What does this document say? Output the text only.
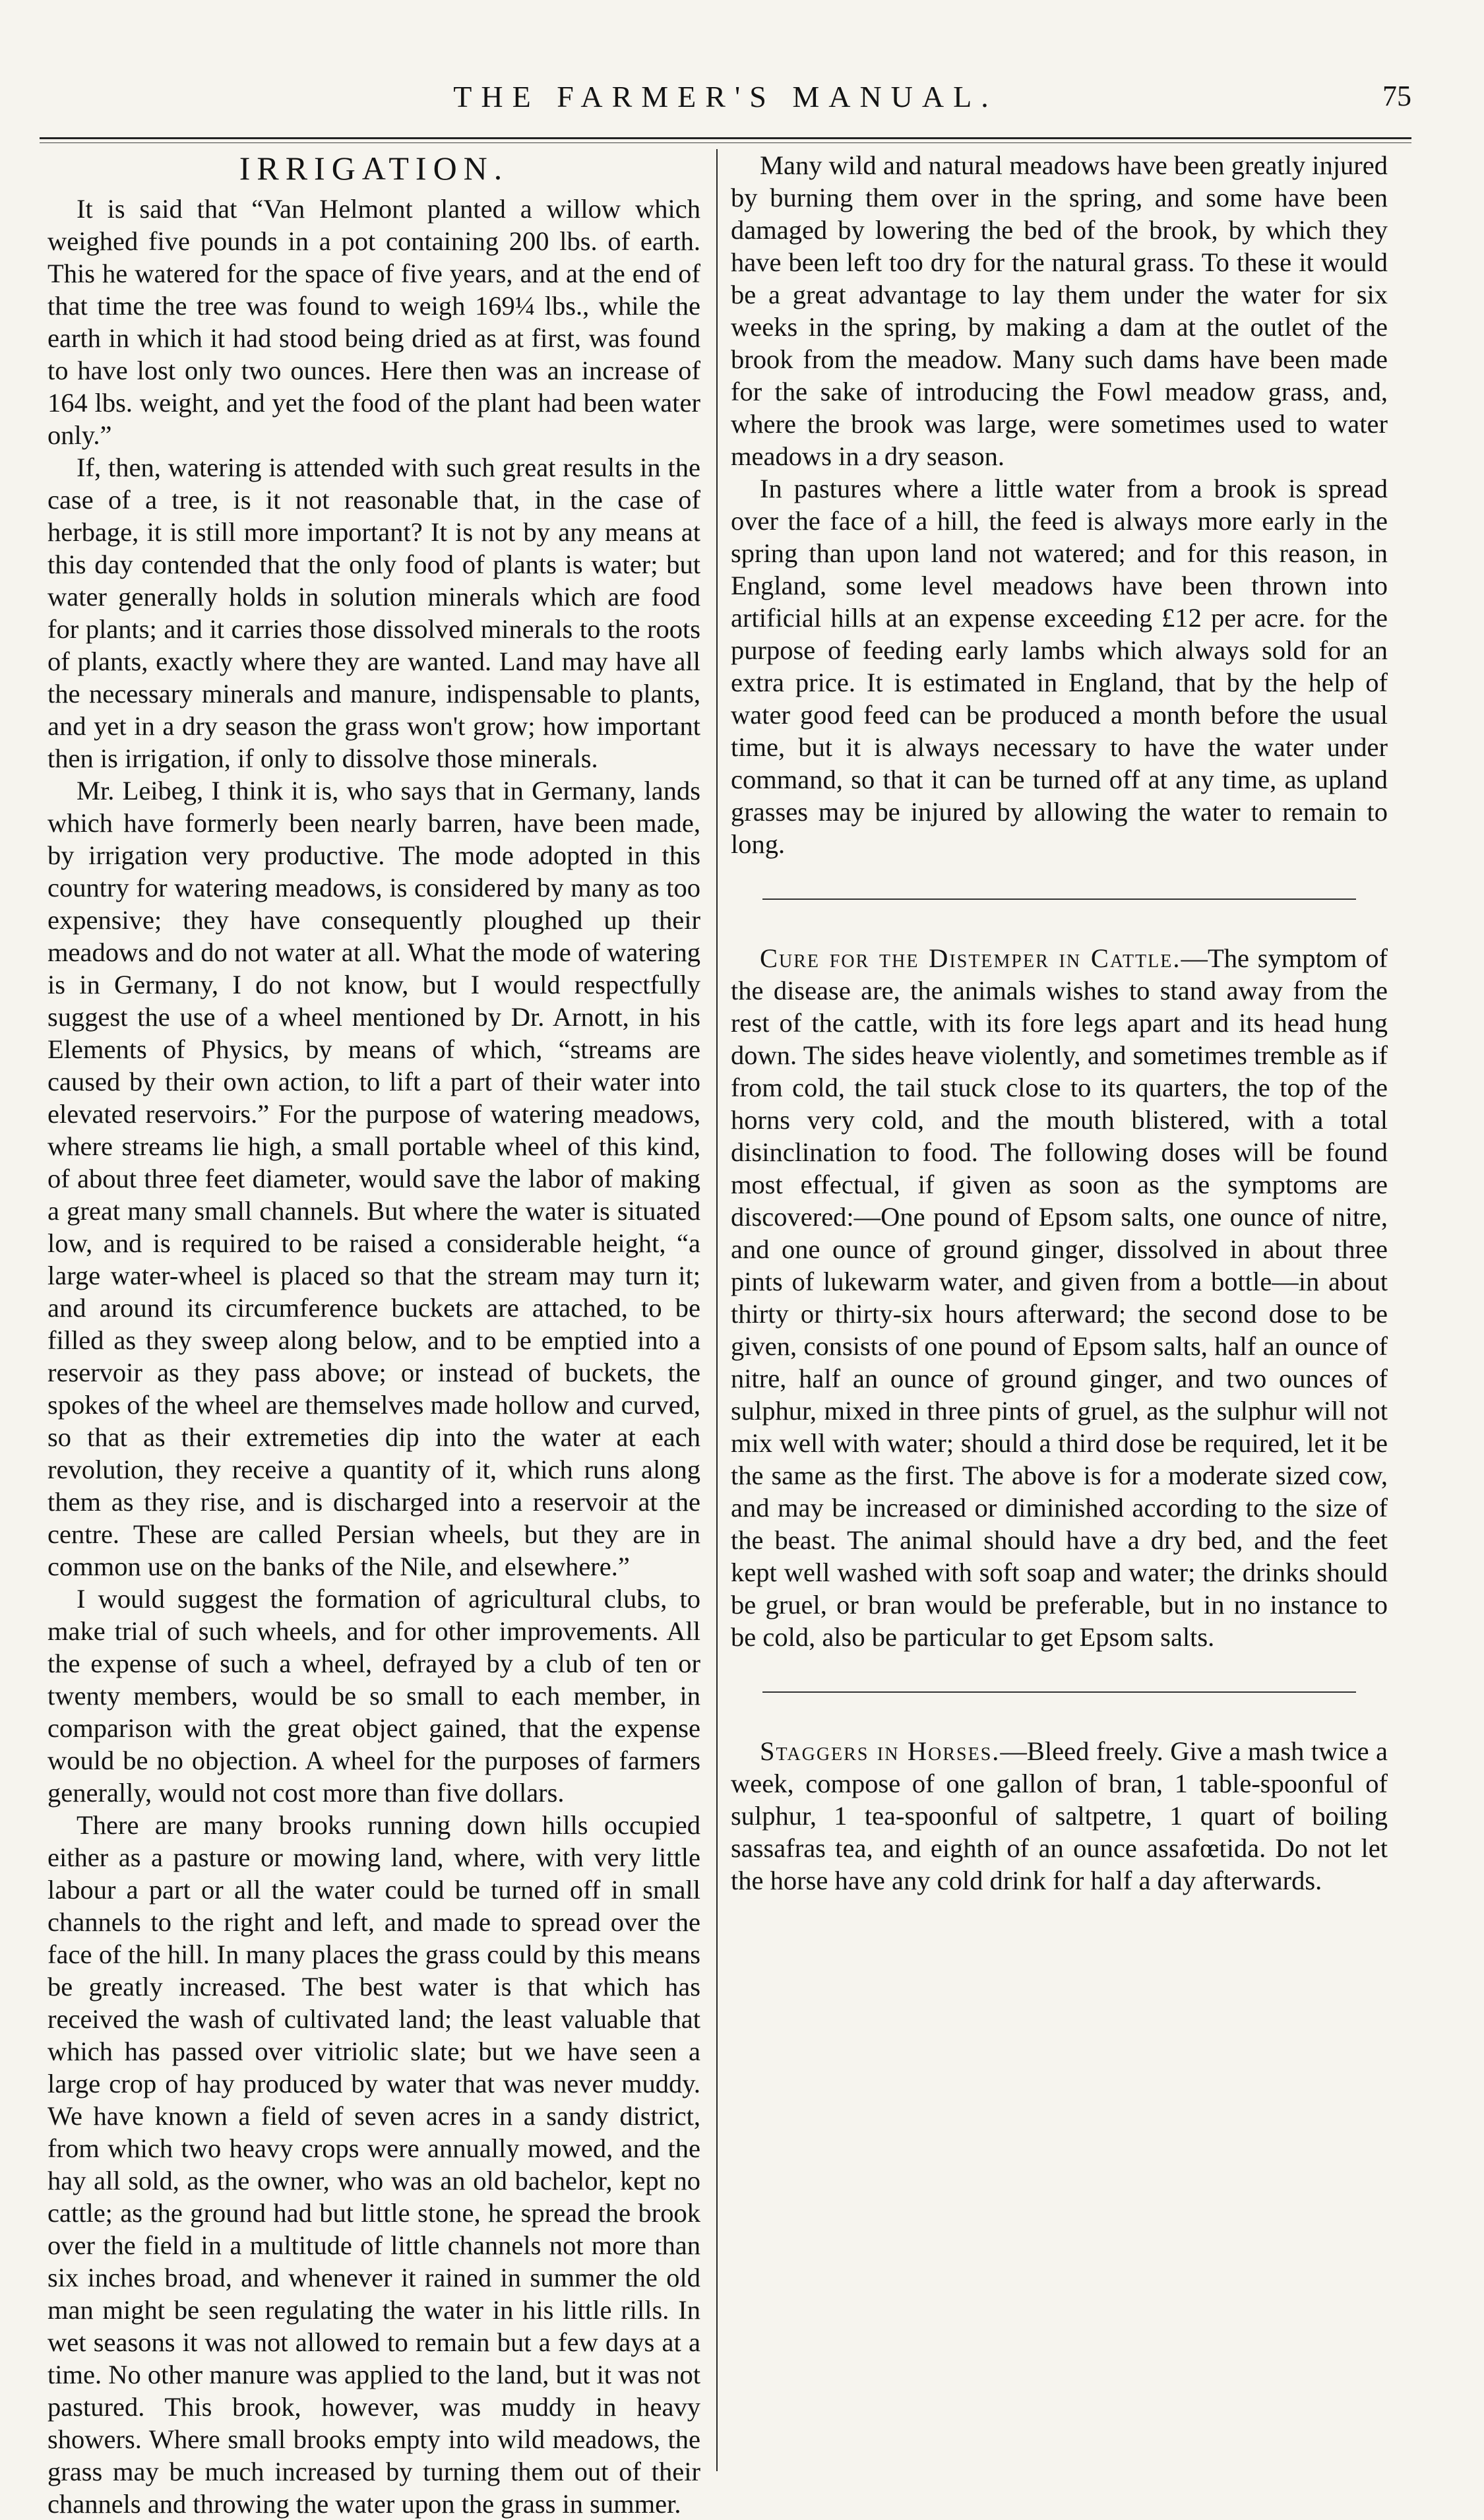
THE FARMER'S MANUAL.	75
IRRIGATION.

It is said that “Van Helmont planted a willow which weighed five pounds in a pot containing 200 lbs. of earth. This he watered for the space of five years, and at the end of that time the tree was found to weigh 169¼ lbs., while the earth in which it had stood being dried as at first, was found to have lost only two ounces. Here then was an increase of 164 lbs. weight, and yet the food of the plant had been water only.”

If, then, watering is attended with such great results in the case of a tree, is it not reasonable that, in the case of herbage, it is still more important? It is not by any means at this day contended that the only food of plants is water; but water generally holds in solution minerals which are food for plants; and it carries those dissolved minerals to the roots of plants, exactly where they are wanted. Land may have all the necessary minerals and manure, indispensable to plants, and yet in a dry season the grass won't grow; how important then is irrigation, if only to dissolve those minerals.

Mr. Leibeg, I think it is, who says that in Germany, lands which have formerly been nearly barren, have been made, by irrigation very productive. The mode adopted in this country for watering meadows, is considered by many as too expensive; they have consequently ploughed up their meadows and do not water at all. What the mode of watering is in Germany, I do not know, but I would respectfully suggest the use of a wheel mentioned by Dr. Arnott, in his Elements of Physics, by means of which, “streams are caused by their own action, to lift a part of their water into elevated reservoirs.” For the purpose of watering meadows, where streams lie high, a small portable wheel of this kind, of about three feet diameter, would save the labor of making a great many small channels. But where the water is situated low, and is required to be raised a considerable height, “a large water-wheel is placed so that the stream may turn it; and around its circumference buckets are attached, to be filled as they sweep along below, and to be emptied into a reservoir as they pass above; or instead of buckets, the spokes of the wheel are themselves made hollow and curved, so that as their extremeties dip into the water at each revolution, they receive a quantity of it, which runs along them as they rise, and is discharged into a reservoir at the centre. These are called Persian wheels, but they are in common use on the banks of the Nile, and elsewhere.”

I would suggest the formation of agricultural clubs, to make trial of such wheels, and for other improvements. All the expense of such a wheel, defrayed by a club of ten or twenty members, would be so small to each member, in comparison with the great object gained, that the expense would be no objection. A wheel for the purposes of farmers generally, would not cost more than five dollars.

There are many brooks running down hills occupied either as a pasture or mowing land, where, with very little labour a part or all the water could be turned off in small channels to the right and left, and made to spread over the face of the hill. In many places the grass could by this means be greatly increased. The best water is that which has received the wash of cultivated land; the least valuable that which has passed over vitriolic slate; but we have seen a large crop of hay produced by water that was never muddy. We have known a field of seven acres in a sandy district, from which two heavy crops were annually mowed, and the hay all sold, as the owner, who was an old bachelor, kept no cattle; as the ground had but little stone, he spread the brook over the field in a multitude of little channels not more than six inches broad, and whenever it rained in summer the old man might be seen regulating the water in his little rills. In wet seasons it was not allowed to remain but a few days at a time. No other manure was applied to the land, but it was not pastured. This brook, however, was muddy in heavy showers. Where small brooks empty into wild meadows, the grass may be much increased by turning them out of their channels and throwing the water upon the grass in summer.

Many wild and natural meadows have been greatly injured by burning them over in the spring, and some have been damaged by lowering the bed of the brook, by which they have been left too dry for the natural grass. To these it would be a great advantage to lay them under the water for six weeks in the spring, by making a dam at the outlet of the brook from the meadow. Many such dams have been made for the sake of introducing the Fowl meadow grass, and, where the brook was large, were sometimes used to water meadows in a dry season.

In pastures where a little water from a brook is spread over the face of a hill, the feed is always more early in the spring than upon land not watered; and for this reason, in England, some level meadows have been thrown into artificial hills at an expense exceeding £12 per acre. for the purpose of feeding early lambs which always sold for an extra price. It is estimated in England, that by the help of water good feed can be produced a month before the usual time, but it is always necessary to have the water under command, so that it can be turned off at any time, as upland grasses may be injured by allowing the water to remain to long.

Cure for the Distemper in Cattle.—The symptom of the disease are, the animals wishes to stand away from the rest of the cattle, with its fore legs apart and its head hung down. The sides heave violently, and sometimes tremble as if from cold, the tail stuck close to its quarters, the top of the horns very cold, and the mouth blistered, with a total disinclination to food. The following doses will be found most effectual, if given as soon as the symptoms are discovered:—One pound of Epsom salts, one ounce of nitre, and one ounce of ground ginger, dissolved in about three pints of lukewarm water, and given from a bottle—in about thirty or thirty-six hours afterward; the second dose to be given, consists of one pound of Epsom salts, half an ounce of nitre, half an ounce of ground ginger, and two ounces of sulphur, mixed in three pints of gruel, as the sulphur will not mix well with water; should a third dose be required, let it be the same as the first. The above is for a moderate sized cow, and may be increased or diminished according to the size of the beast. The animal should have a dry bed, and the feet kept well washed with soft soap and water; the drinks should be gruel, or bran would be preferable, but in no instance to be cold, also be particular to get Epsom salts.

Staggers in Horses.—Bleed freely. Give a mash twice a week, compose of one gallon of bran, 1 table-spoonful of sulphur, 1 tea-spoonful of saltpetre, 1 quart of boiling sassafras tea, and eighth of an ounce assafœtida. Do not let the horse have any cold drink for half a day afterwards.
